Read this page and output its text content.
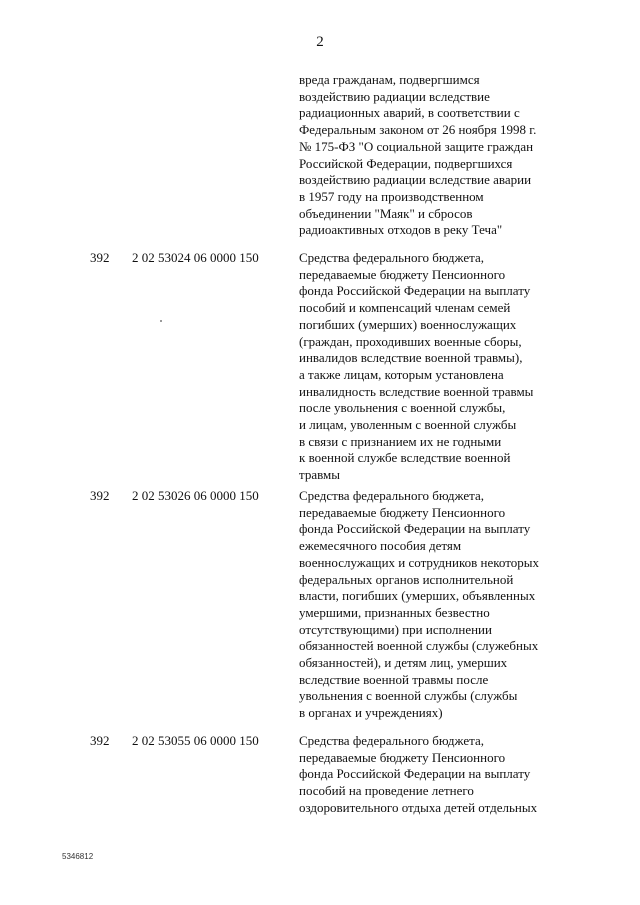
2
вреда гражданам, подвергшимся
воздействию радиации вследствие
радиационных аварий, в соответствии с
Федеральным законом от 26 ноября 1998 г.
№ 175-ФЗ "О социальной защите граждан
Российской Федерации, подвергшихся
воздействию радиации вследствие аварии
в 1957 году на производственном
объединении "Маяк" и сбросов
радиоактивных отходов в реку Теча"
392 2 02 53024 06 0000 150	Средства федерального бюджета,
передаваемые бюджету Пенсионного
фонда Российской Федерации на выплату
пособий и компенсаций членам семей
погибших (умерших) военнослужащих
(граждан, проходивших военные сборы,
инвалидов вследствие военной травмы),
а также лицам, которым установлена
инвалидность вследствие военной травмы
после увольнения с военной службы,
и лицам, уволенным с военной службы
в связи с признанием их не годными
к военной службе вследствие военной
травмы
392 2 02 53026 06 0000 150	Средства федерального бюджета,
передаваемые бюджету Пенсионного
фонда Российской Федерации на выплату
ежемесячного пособия детям
военнослужащих и сотрудников некоторых
федеральных органов исполнительной
власти, погибших (умерших, объявленных
умершими, признанных безвестно
отсутствующими) при исполнении
обязанностей военной службы (служебных
обязанностей), и детям лиц, умерших
вследствие военной травмы после
увольнения с военной службы (службы
в органах и учреждениях)
392 2 02 53055 06 0000 150	Средства федерального бюджета,
передаваемые бюджету Пенсионного
фонда Российской Федерации на выплату
пособий на проведение летнего
оздоровительного отдыха детей отдельных
5346812
